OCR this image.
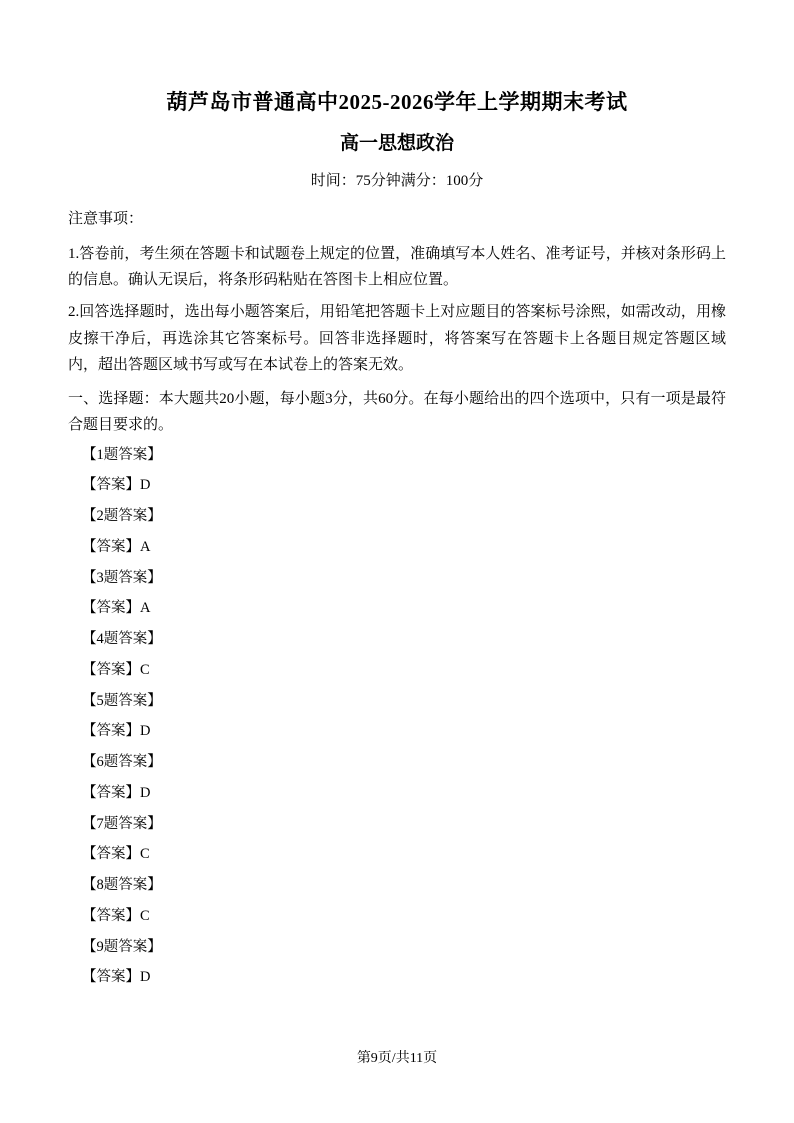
葫芦岛市普通高中2025-2026学年上学期期末考试
高一思想政治
时间：75分钟满分：100分
注意事项：

1.答卷前，考生须在答题卡和试题卷上规定的位置，准确填写本人姓名、准考证号，并核对条形码上的信息。确认无误后，将条形码粘贴在答图卡上相应位置。

2.回答选择题时，选出每小题答案后，用铅笔把答题卡上对应题目的答案标号涂熙，如需改动，用橡皮擦干净后，再选涂其它答案标号。回答非选择题时，将答案写在答题卡上各题目规定答题区域内，超出答题区域书写或写在本试卷上的答案无效。

一、选择题：本大题共20小题，每小题3分，共60分。在每小题给出的四个选项中，只有一项是最符合题目要求的。

【1题答案】
【答案】D
【2题答案】
【答案】A
【3题答案】
【答案】A
【4题答案】
【答案】C
【5题答案】
【答案】D
【6题答案】
【答案】D
【7题答案】
【答案】C
【8题答案】
【答案】C
【9题答案】
【答案】D
第9页/共11页
